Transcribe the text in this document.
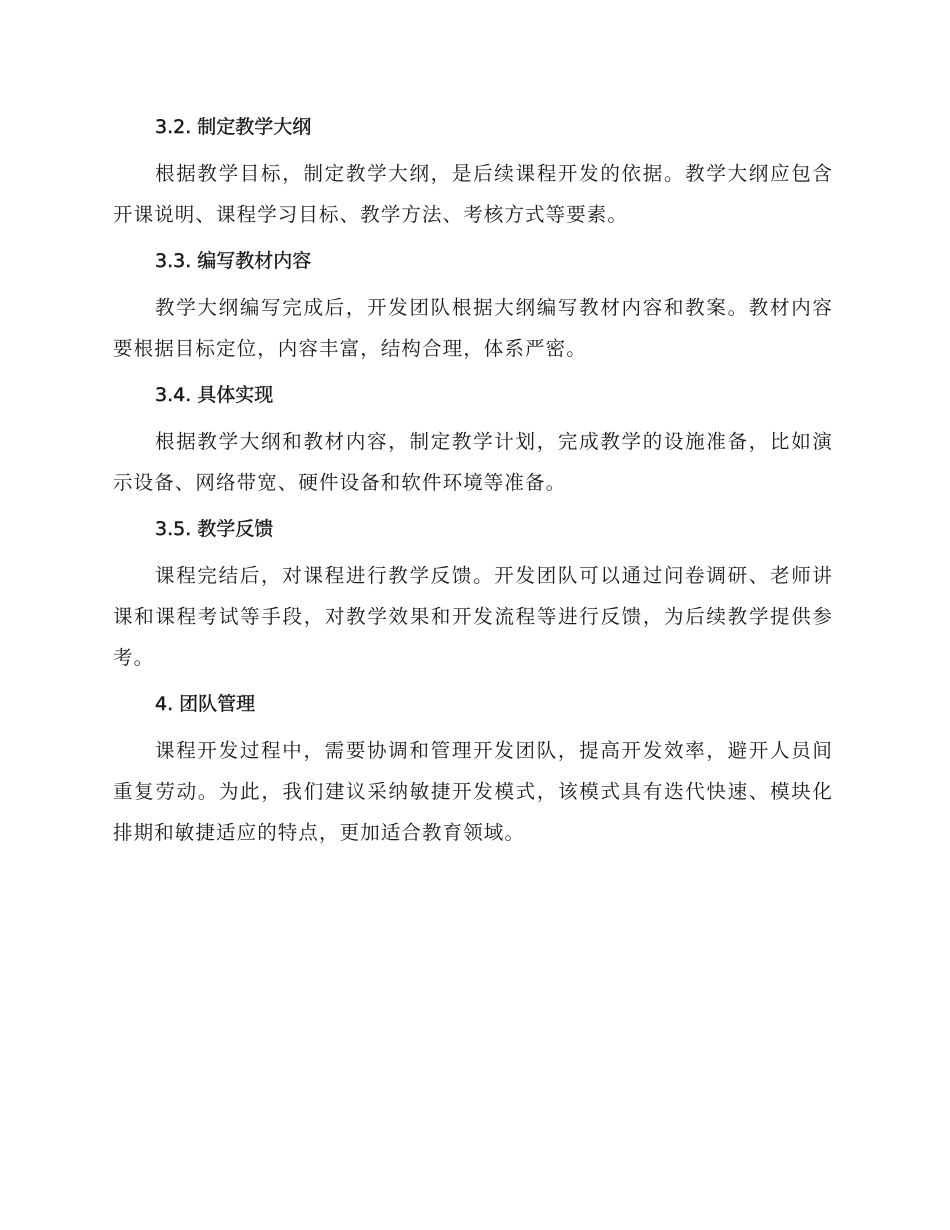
3.2. 制定教学大纲

根据教学目标，制定教学大纲，是后续课程开发的依据。教学大纲应包含开课说明、课程学习目标、教学方法、考核方式等要素。

3.3. 编写教材内容

教学大纲编写完成后，开发团队根据大纲编写教材内容和教案。教材内容要根据目标定位，内容丰富，结构合理，体系严密。

3.4. 具体实现

根据教学大纲和教材内容，制定教学计划，完成教学的设施准备，比如演示设备、网络带宽、硬件设备和软件环境等准备。

3.5. 教学反馈

课程完结后，对课程进行教学反馈。开发团队可以通过问卷调研、老师讲课和课程考试等手段，对教学效果和开发流程等进行反馈，为后续教学提供参考。

4. 团队管理

课程开发过程中，需要协调和管理开发团队，提高开发效率，避开人员间重复劳动。为此，我们建议采纳敏捷开发模式，该模式具有迭代快速、模块化排期和敏捷适应的特点，更加适合教育领域。
